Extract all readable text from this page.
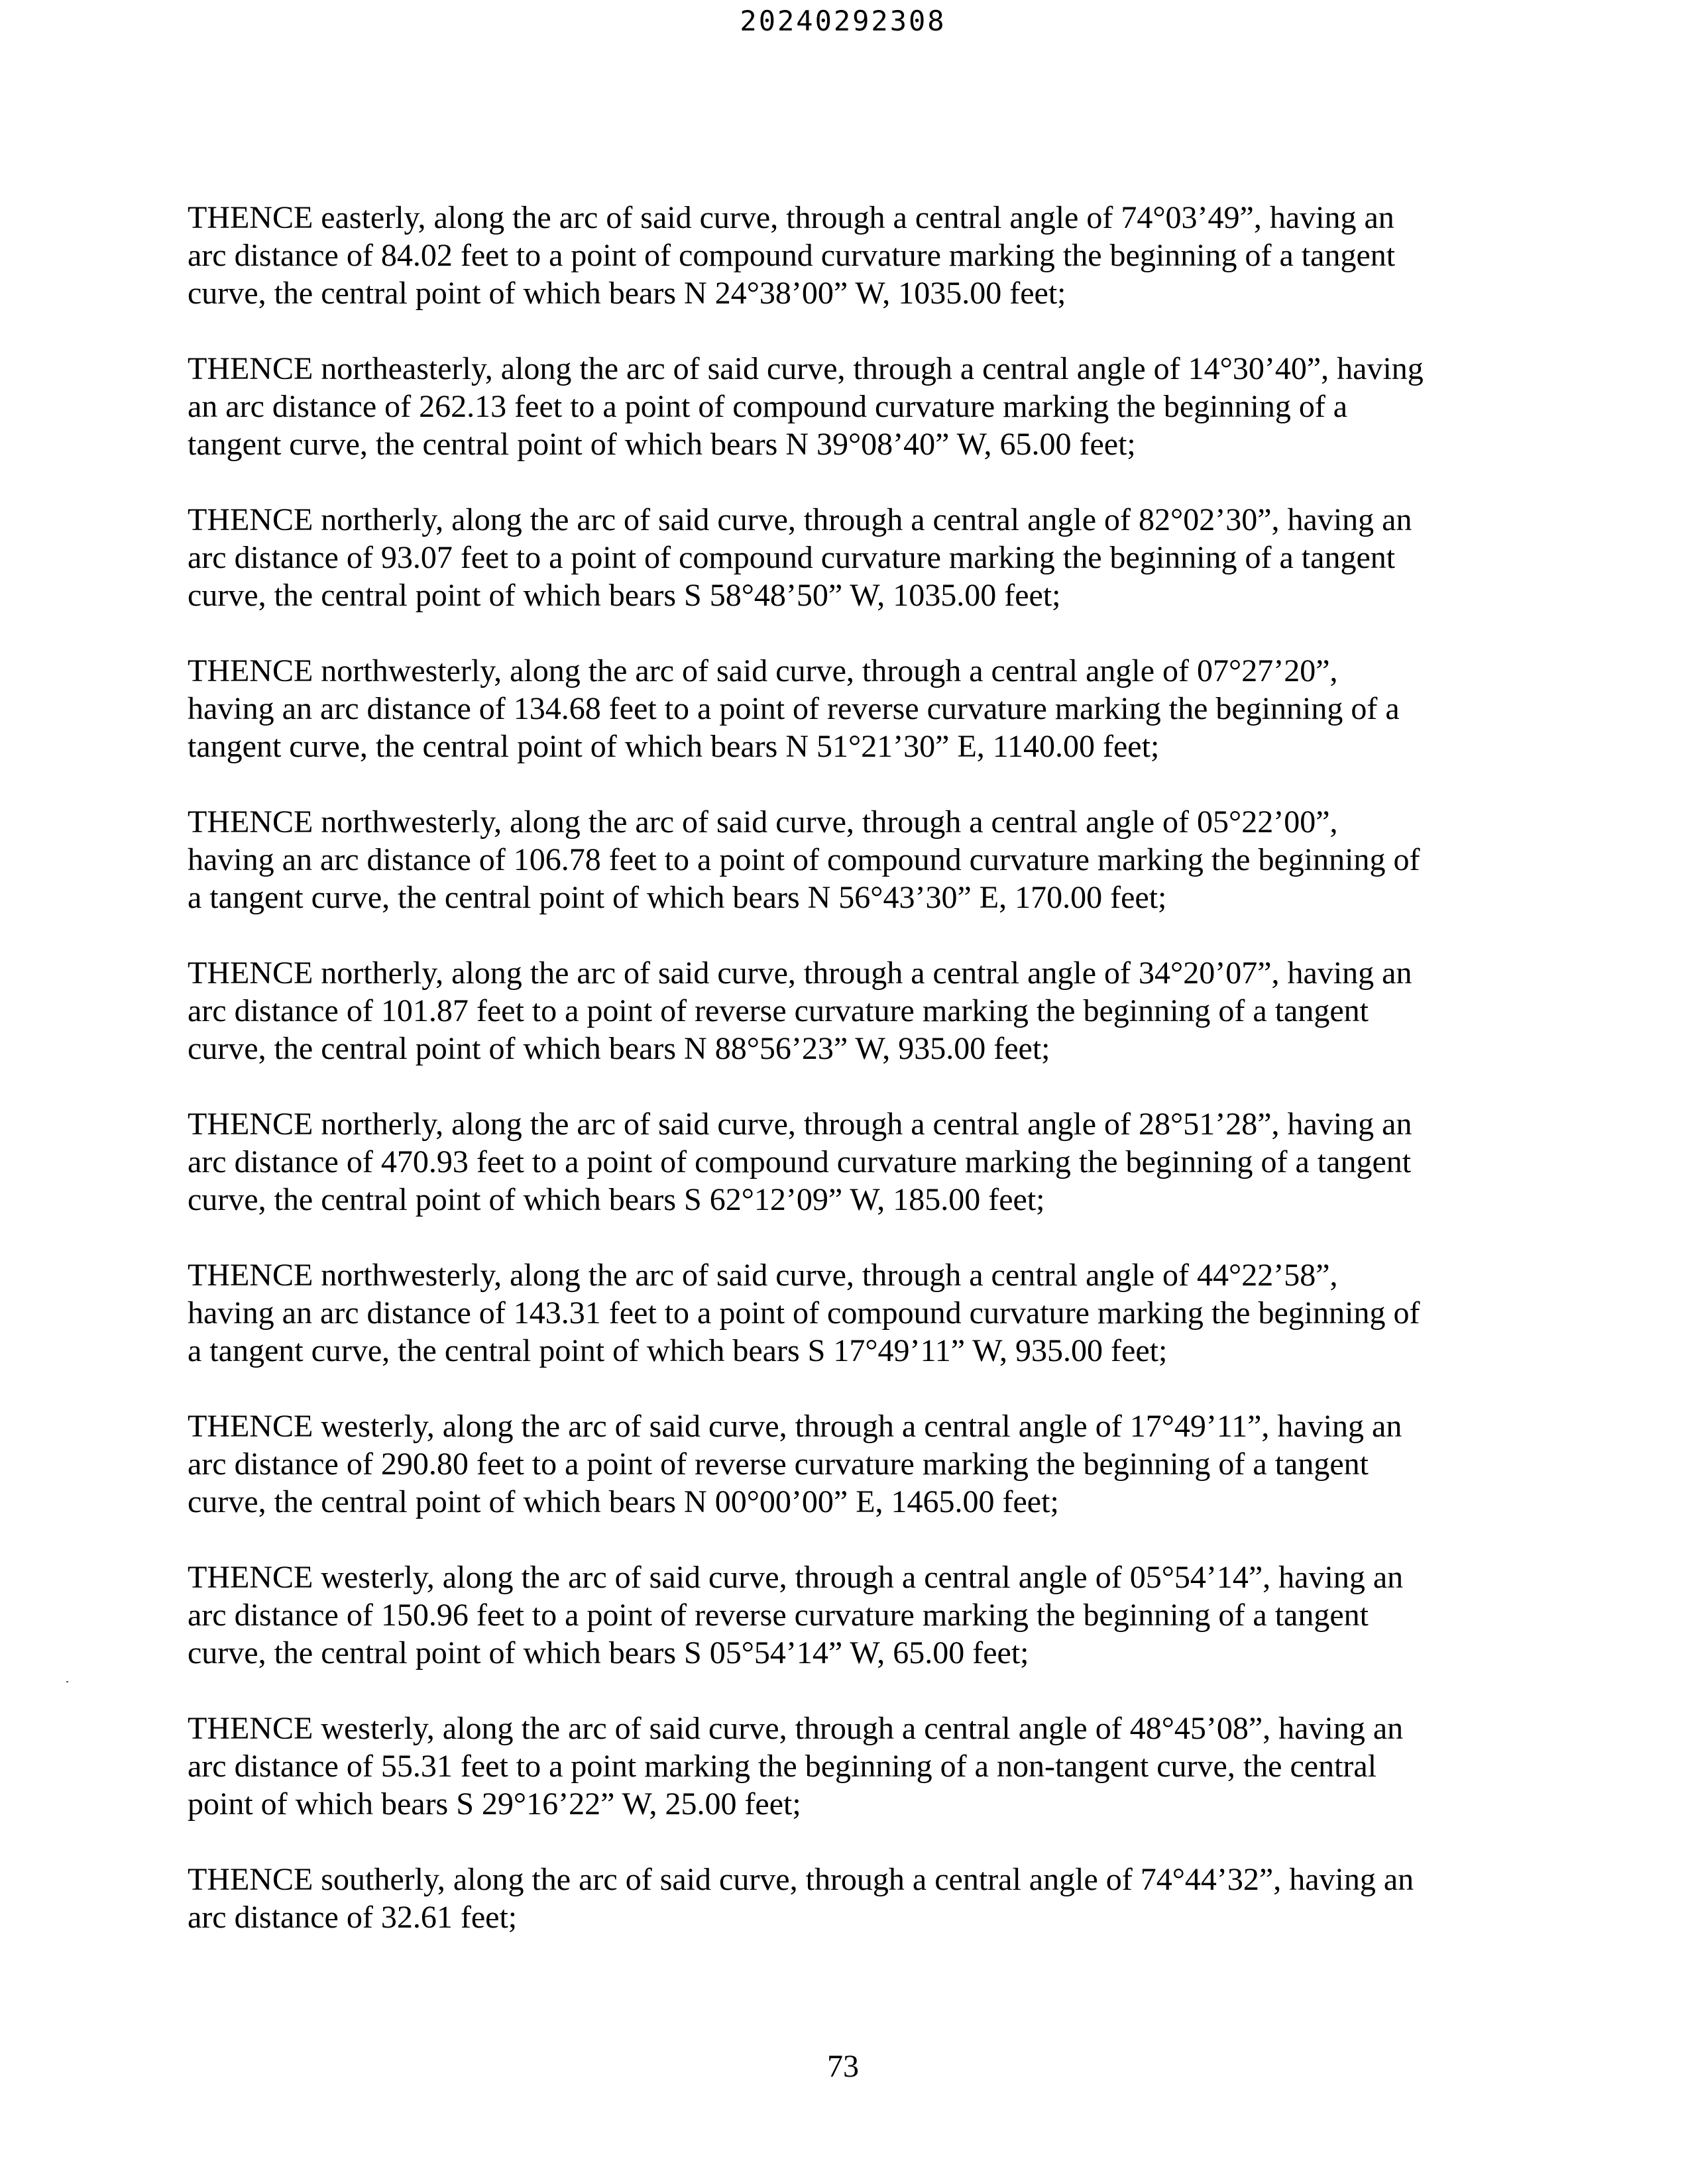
20240292308

THENCE easterly, along the arc of said curve, through a central angle of 74°03’49”, having an
arc distance of 84.02 feet to a point of compound curvature marking the beginning of a tangent
curve, the central point of which bears N 24°38’00” W, 1035.00 feet;

THENCE northeasterly, along the arc of said curve, through a central angle of 14°30’40”, having
an arc distance of 262.13 feet to a point of compound curvature marking the beginning of a
tangent curve, the central point of which bears N 39°08’40” W, 65.00 feet;

THENCE northerly, along the arc of said curve, through a central angle of 82°02’30”, having an
arc distance of 93.07 feet to a point of compound curvature marking the beginning of a tangent
curve, the central point of which bears S 58°48’50” W, 1035.00 feet;

THENCE northwesterly, along the arc of said curve, through a central angle of 07°27’20”,
having an arc distance of 134.68 feet to a point of reverse curvature marking the beginning of a
tangent curve, the central point of which bears N 51°21’30” E, 1140.00 feet;

THENCE northwesterly, along the arc of said curve, through a central angle of 05°22’00”,
having an arc distance of 106.78 feet to a point of compound curvature marking the beginning of
a tangent curve, the central point of which bears N 56°43’30” E, 170.00 feet;

THENCE northerly, along the arc of said curve, through a central angle of 34°20’07”, having an
arc distance of 101.87 feet to a point of reverse curvature marking the beginning of a tangent
curve, the central point of which bears N 88°56’23” W, 935.00 feet;

THENCE northerly, along the arc of said curve, through a central angle of 28°51’28”, having an
arc distance of 470.93 feet to a point of compound curvature marking the beginning of a tangent
curve, the central point of which bears S 62°12’09” W, 185.00 feet;

THENCE northwesterly, along the arc of said curve, through a central angle of 44°22’58”,
having an arc distance of 143.31 feet to a point of compound curvature marking the beginning of
a tangent curve, the central point of which bears S 17°49’11” W, 935.00 feet;

THENCE westerly, along the arc of said curve, through a central angle of 17°49’11”, having an
arc distance of 290.80 feet to a point of reverse curvature marking the beginning of a tangent
curve, the central point of which bears N 00°00’00” E, 1465.00 feet;

THENCE westerly, along the arc of said curve, through a central angle of 05°54’14”, having an
arc distance of 150.96 feet to a point of reverse curvature marking the beginning of a tangent
curve, the central point of which bears S 05°54’14” W, 65.00 feet;

THENCE westerly, along the arc of said curve, through a central angle of 48°45’08”, having an
arc distance of 55.31 feet to a point marking the beginning of a non-tangent curve, the central
point of which bears S 29°16’22” W, 25.00 feet;

THENCE southerly, along the arc of said curve, through a central angle of 74°44’32”, having an
arc distance of 32.61 feet;

73
